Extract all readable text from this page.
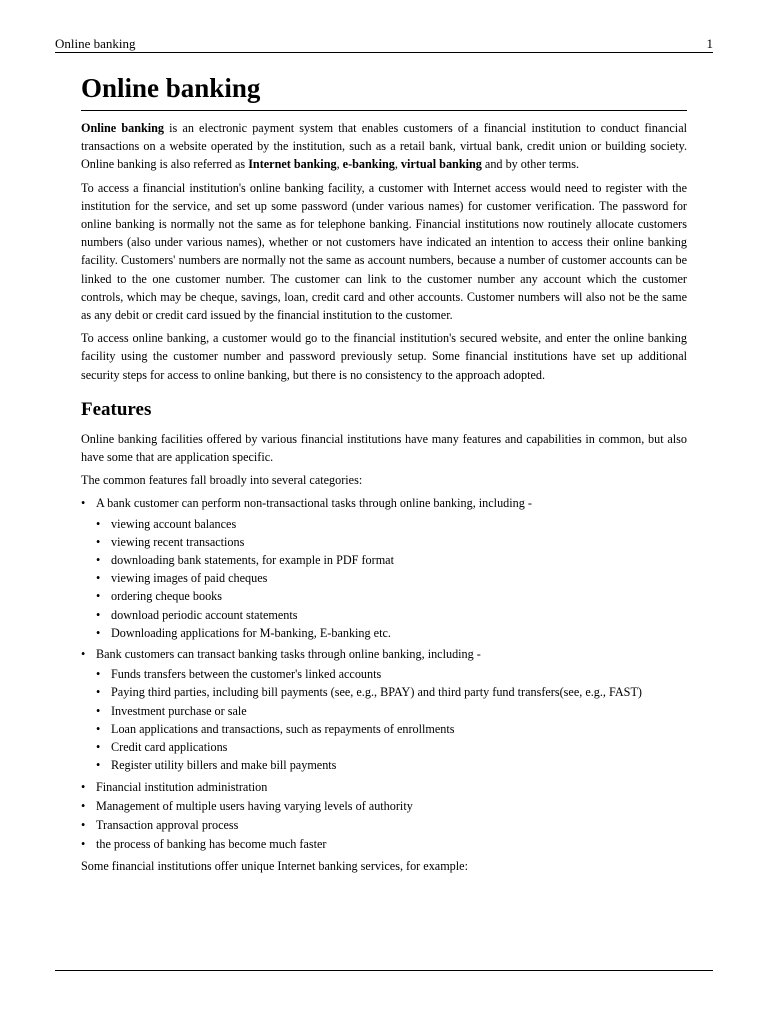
Online banking	1
Online banking

Online banking is an electronic payment system that enables customers of a financial institution to conduct financial transactions on a website operated by the institution, such as a retail bank, virtual bank, credit union or building society. Online banking is also referred as Internet banking, e-banking, virtual banking and by other terms.

To access a financial institution's online banking facility, a customer with Internet access would need to register with the institution for the service, and set up some password (under various names) for customer verification. The password for online banking is normally not the same as for telephone banking. Financial institutions now routinely allocate customers numbers (also under various names), whether or not customers have indicated an intention to access their online banking facility. Customers' numbers are normally not the same as account numbers, because a number of customer accounts can be linked to the one customer number. The customer can link to the customer number any account which the customer controls, which may be cheque, savings, loan, credit card and other accounts. Customer numbers will also not be the same as any debit or credit card issued by the financial institution to the customer.

To access online banking, a customer would go to the financial institution's secured website, and enter the online banking facility using the customer number and password previously setup. Some financial institutions have set up additional security steps for access to online banking, but there is no consistency to the approach adopted.

Features

Online banking facilities offered by various financial institutions have many features and capabilities in common, but also have some that are application specific.

The common features fall broadly into several categories:

• A bank customer can perform non-transactional tasks through online banking, including -
• viewing account balances
• viewing recent transactions
• downloading bank statements, for example in PDF format
• viewing images of paid cheques
• ordering cheque books
• download periodic account statements
• Downloading applications for M-banking, E-banking etc.
• Bank customers can transact banking tasks through online banking, including -
• Funds transfers between the customer's linked accounts
• Paying third parties, including bill payments (see, e.g., BPAY) and third party fund transfers(see, e.g., FAST)
• Investment purchase or sale
• Loan applications and transactions, such as repayments of enrollments
• Credit card applications
• Register utility billers and make bill payments
• Financial institution administration
• Management of multiple users having varying levels of authority
• Transaction approval process
• the process of banking has become much faster

Some financial institutions offer unique Internet banking services, for example:
